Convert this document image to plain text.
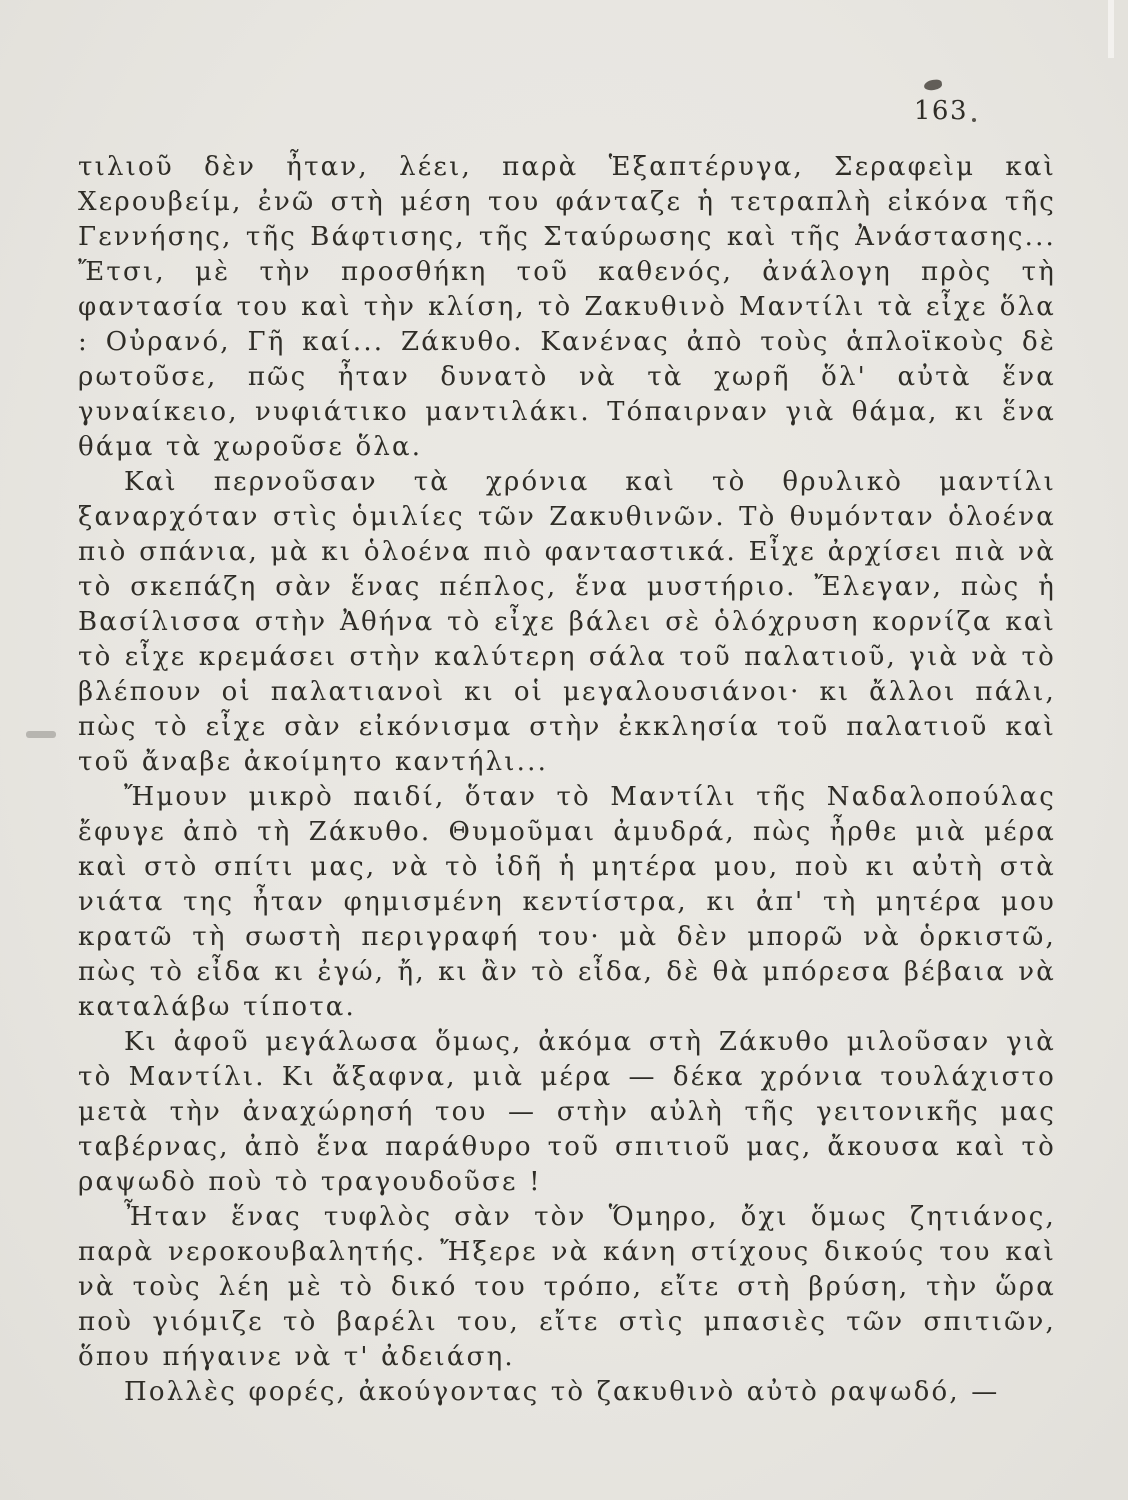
163

τιλιοῦ δὲν ἦταν, λέει, παρὰ Ἑξαπτέρυγα, Σεραφεὶμ καὶ Χερουβείμ, ἐνῶ στὴ μέση του φάνταζε ἡ τετραπλὴ εἰκόνα τῆς Γεννήσης, τῆς Βάφτισης, τῆς Σταύρωσης καὶ τῆς Ἀνάστασης... Ἔτσι, μὲ τὴν προσθήκη τοῦ καθενός, ἀνάλογη πρὸς τὴ φαντασία του καὶ τὴν κλίση, τὸ Ζακυθινὸ Μαντίλι τὰ εἶχε ὅλα : Οὐρανό, Γῆ καί... Ζάκυθο. Κανένας ἀπὸ τοὺς ἁπλοϊκοὺς δὲ ρωτοῦσε, πῶς ἦταν δυνατὸ νὰ τὰ χωρῆ ὅλ' αὐτὰ ἕνα γυναίκειο, νυφιάτικο μαντιλάκι. Τόπαιρναν γιὰ θάμα, κι ἕνα θάμα τὰ χωροῦσε ὅλα.

Καὶ περνοῦσαν τὰ χρόνια καὶ τὸ θρυλικὸ μαντίλι ξαναρχόταν στὶς ὁμιλίες τῶν Ζακυθινῶν. Τὸ θυμόνταν ὁλοένα πιὸ σπάνια, μὰ κι ὁλοένα πιὸ φανταστικά. Εἶχε ἀρχίσει πιὰ νὰ τὸ σκεπάζη σὰν ἕνας πέπλος, ἕνα μυστήριο. Ἔλεγαν, πὼς ἡ Βασίλισσα στὴν Ἀθήνα τὸ εἶχε βάλει σὲ ὁλόχρυση κορνίζα καὶ τὸ εἶχε κρεμάσει στὴν καλύτερη σάλα τοῦ παλατιοῦ, γιὰ νὰ τὸ βλέπουν οἱ παλατιανοὶ κι οἱ μεγαλουσιάνοι· κι ἄλλοι πάλι, πὼς τὸ εἶχε σὰν εἰκόνισμα στὴν ἐκκλησία τοῦ παλατιοῦ καὶ τοῦ ἄναβε ἀκοίμητο καντήλι...

Ἤμουν μικρὸ παιδί, ὅταν τὸ Μαντίλι τῆς Ναδαλοπούλας ἔφυγε ἀπὸ τὴ Ζάκυθο. Θυμοῦμαι ἀμυδρά, πὼς ἦρθε μιὰ μέρα καὶ στὸ σπίτι μας, νὰ τὸ ἰδῆ ἡ μητέρα μου, ποὺ κι αὐτὴ στὰ νιάτα της ἦταν φημισμένη κεντίστρα, κι ἀπ' τὴ μητέρα μου κρατῶ τὴ σωστὴ περιγραφή του· μὰ δὲν μπορῶ νὰ ὁρκιστῶ, πὼς τὸ εἶδα κι ἐγώ, ἤ, κι ἂν τὸ εἶδα, δὲ θὰ μπόρεσα βέβαια νὰ καταλάβω τίποτα.

Κι ἀφοῦ μεγάλωσα ὅμως, ἀκόμα στὴ Ζάκυθο μιλοῦσαν γιὰ τὸ Μαντίλι. Κι ἄξαφνα, μιὰ μέρα — δέκα χρόνια τουλάχιστο μετὰ τὴν ἀναχώρησή του — στὴν αὐλὴ τῆς γειτονικῆς μας ταβέρνας, ἀπὸ ἕνα παράθυρο τοῦ σπιτιοῦ μας, ἄκουσα καὶ τὸ ραψωδὸ ποὺ τὸ τραγουδοῦσε !

Ἦταν ἕνας τυφλὸς σὰν τὸν Ὅμηρο, ὄχι ὅμως ζητιάνος, παρὰ νεροκουβαλητής. Ἤξερε νὰ κάνη στίχους δικούς του καὶ νὰ τοὺς λέη μὲ τὸ δικό του τρόπο, εἴτε στὴ βρύση, τὴν ὥρα ποὺ γιόμιζε τὸ βαρέλι του, εἴτε στὶς μπασιὲς τῶν σπιτιῶν, ὅπου πήγαινε νὰ τ' ἀδειάση.

Πολλὲς φορές, ἀκούγοντας τὸ ζακυθινὸ αὐτὸ ραψωδό, —
